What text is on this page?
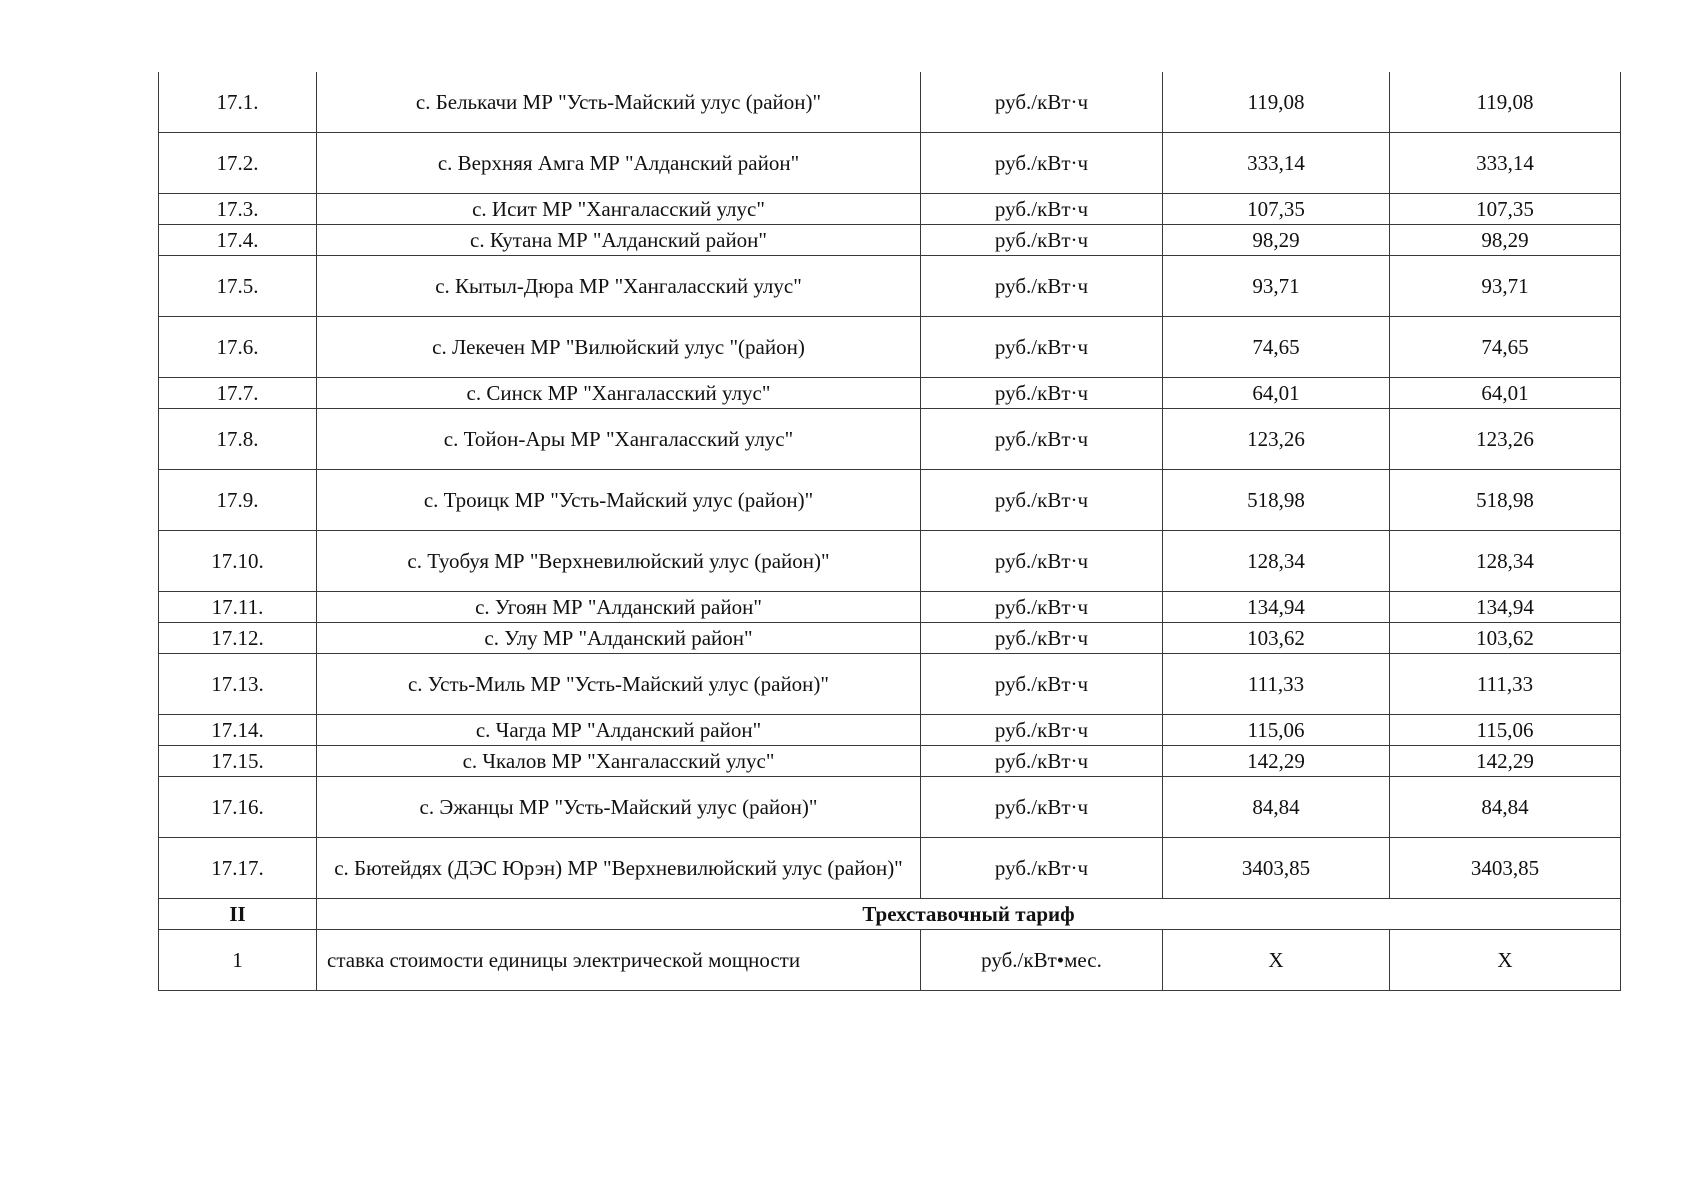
17.1.	с. Белькачи МР "Усть-Майский улус (район)"	руб./кВт·ч	119,08	119,08
17.2.	с. Верхняя Амга МР "Алданский район"	руб./кВт·ч	333,14	333,14
17.3.	с. Исит МР "Хангаласский улус"	руб./кВт·ч	107,35	107,35
17.4.	с. Кутана МР "Алданский район"	руб./кВт·ч	98,29	98,29
17.5.	с. Кытыл-Дюра МР "Хангаласский улус"	руб./кВт·ч	93,71	93,71
17.6.	с. Лекечен МР "Вилюйский улус "(район)	руб./кВт·ч	74,65	74,65
17.7.	с. Синск МР "Хангаласский улус"	руб./кВт·ч	64,01	64,01
17.8.	с. Тойон-Ары МР "Хангаласский улус"	руб./кВт·ч	123,26	123,26
17.9.	с. Троицк МР "Усть-Майский улус (район)"	руб./кВт·ч	518,98	518,98
17.10.	с. Туобуя МР "Верхневилюйский улус (район)"	руб./кВт·ч	128,34	128,34
17.11.	с. Угоян МР "Алданский район"	руб./кВт·ч	134,94	134,94
17.12.	с. Улу МР "Алданский район"	руб./кВт·ч	103,62	103,62
17.13.	с. Усть-Миль МР "Усть-Майский улус (район)"	руб./кВт·ч	111,33	111,33
17.14.	с. Чагда МР "Алданский район"	руб./кВт·ч	115,06	115,06
17.15.	с. Чкалов МР "Хангаласский улус"	руб./кВт·ч	142,29	142,29
17.16.	с. Эжанцы МР "Усть-Майский улус (район)"	руб./кВт·ч	84,84	84,84
17.17.	с. Бютейдях (ДЭС Юрэн) МР "Верхневилюйский улус (район)"	руб./кВт·ч	3403,85	3403,85
II	Трехставочный тариф			
1	ставка стоимости единицы электрической мощности	руб./кВт•мес.	Х	Х
